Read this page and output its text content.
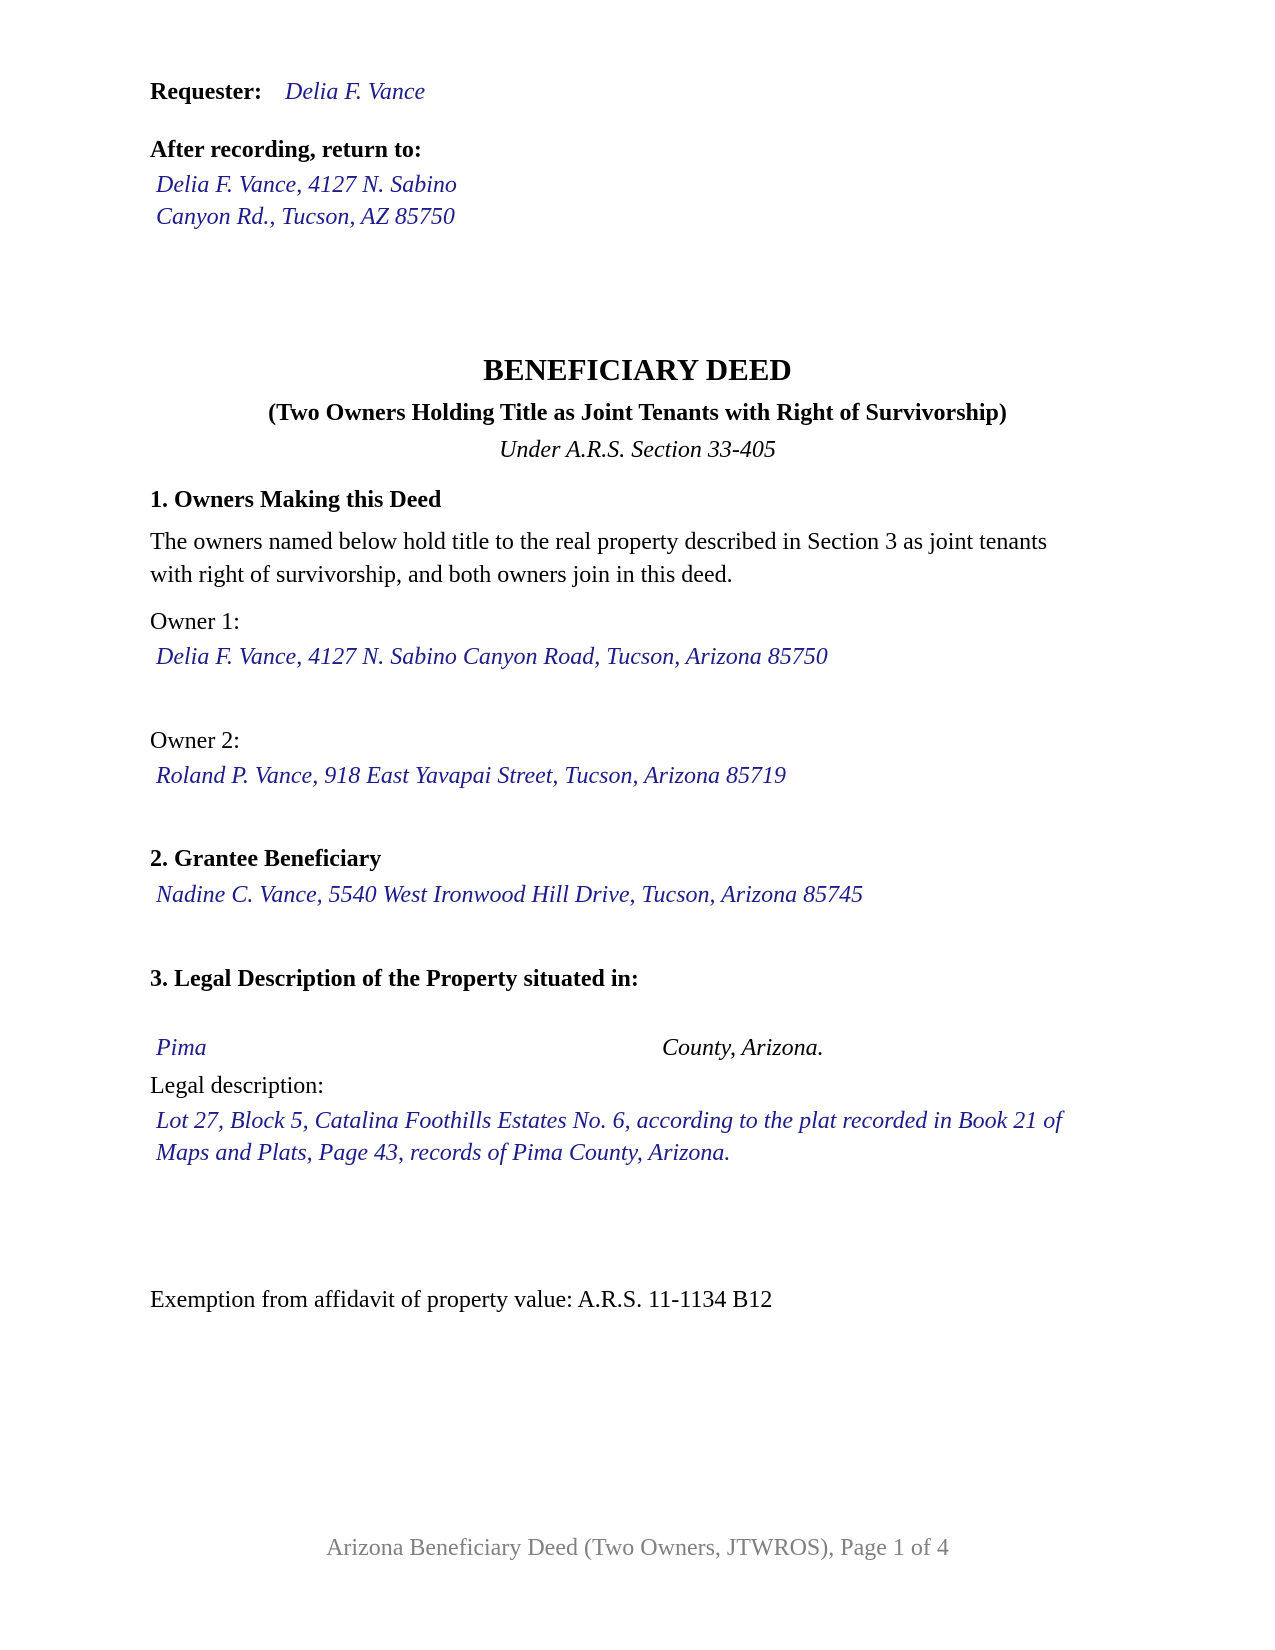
Requester: Delia F. Vance
After recording, return to:
Delia F. Vance, 4127 N. Sabino
Canyon Rd., Tucson, AZ 85750
BENEFICIARY DEED
(Two Owners Holding Title as Joint Tenants with Right of Survivorship)
Under A.R.S. Section 33-405
1. Owners Making this Deed
The owners named below hold title to the real property described in Section 3 as joint tenants
with right of survivorship, and both owners join in this deed.
Owner 1:
Delia F. Vance, 4127 N. Sabino Canyon Road, Tucson, Arizona 85750
Owner 2:
Roland P. Vance, 918 East Yavapai Street, Tucson, Arizona 85719
2. Grantee Beneficiary
Nadine C. Vance, 5540 West Ironwood Hill Drive, Tucson, Arizona 85745
3. Legal Description of the Property situated in:
Pima	County, Arizona.
Legal description:
Lot 27, Block 5, Catalina Foothills Estates No. 6, according to the plat recorded in Book 21 of
Maps and Plats, Page 43, records of Pima County, Arizona.
Exemption from affidavit of property value: A.R.S. 11-1134 B12
Arizona Beneficiary Deed (Two Owners, JTWROS), Page 1 of 4
